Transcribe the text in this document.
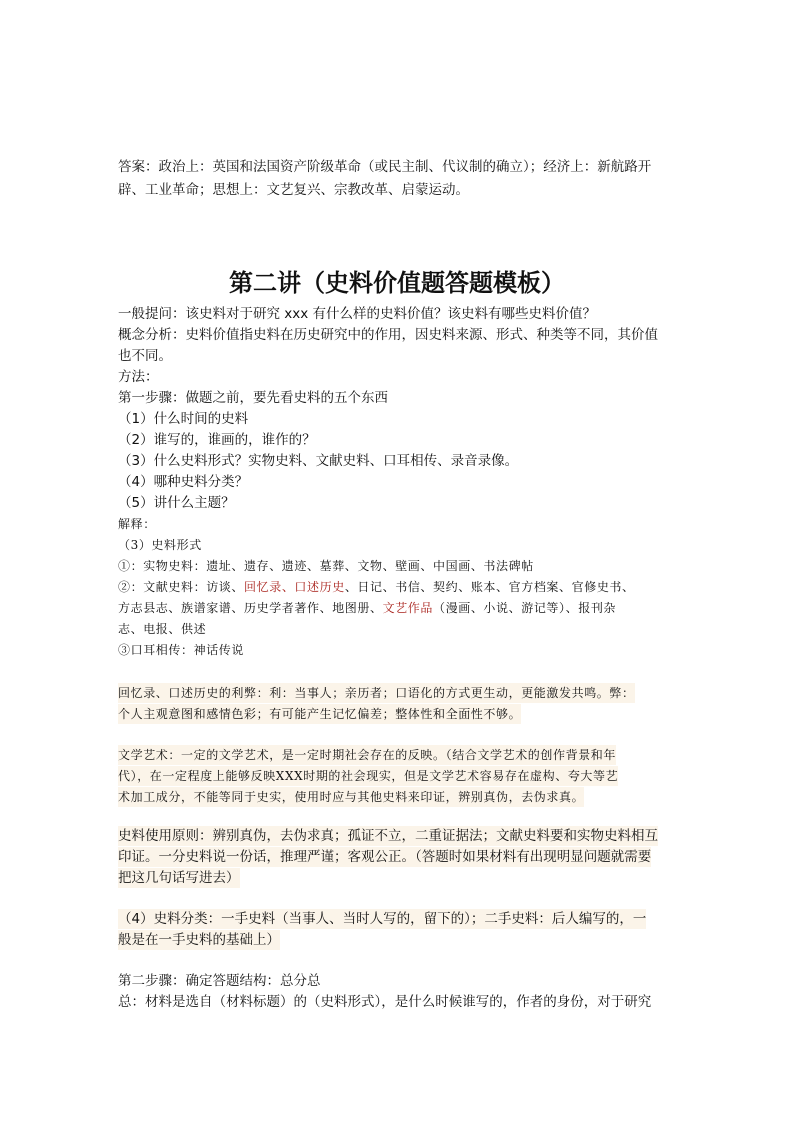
答案：政治上：英国和法国资产阶级革命（或民主制、代议制的确立）；经济上：新航路开
辟、工业革命；思想上：文艺复兴、宗教改革、启蒙运动。
第二讲（史料价值题答题模板）
一般提问：该史料对于研究 xxx 有什么样的史料价值？该史料有哪些史料价值？
概念分析：史料价值指史料在历史研究中的作用，因史料来源、形式、种类等不同，其价值
也不同。
方法：
第一步骤：做题之前，要先看史料的五个东西
（1）什么时间的史料
（2）谁写的，谁画的，谁作的？
（3）什么史料形式？实物史料、文献史料、口耳相传、录音录像。
（4）哪种史料分类？
（5）讲什么主题？
解释：
（3）史料形式
①：实物史料：遗址、遗存、遗迹、墓葬、文物、壁画、中国画、书法碑帖
②：文献史料：访谈、回忆录、口述历史、日记、书信、契约、账本、官方档案、官修史书、
方志县志、族谱家谱、历史学者著作、地图册、文艺作品（漫画、小说、游记等）、报刊杂
志、电报、供述
③口耳相传：神话传说
回忆录、口述历史的利弊：利：当事人；亲历者；口语化的方式更生动，更能激发共鸣。弊：
个人主观意图和感情色彩；有可能产生记忆偏差；整体性和全面性不够。
文学艺术：一定的文学艺术，是一定时期社会存在的反映。（结合文学艺术的创作背景和年
代），在一定程度上能够反映XXX时期的社会现实，但是文学艺术容易存在虚构、夸大等艺
术加工成分，不能等同于史实，使用时应与其他史料来印证，辨别真伪，去伪求真。
史料使用原则：辨别真伪，去伪求真；孤证不立，二重证据法；文献史料要和实物史料相互
印证。一分史料说一份话，推理严谨；客观公正。（答题时如果材料有出现明显问题就需要
把这几句话写进去）
（4）史料分类：一手史料（当事人、当时人写的，留下的）；二手史料：后人编写的，一
般是在一手史料的基础上）
第二步骤：确定答题结构：总分总
总：材料是选自（材料标题）的（史料形式），是什么时候谁写的，作者的身份，对于研究
